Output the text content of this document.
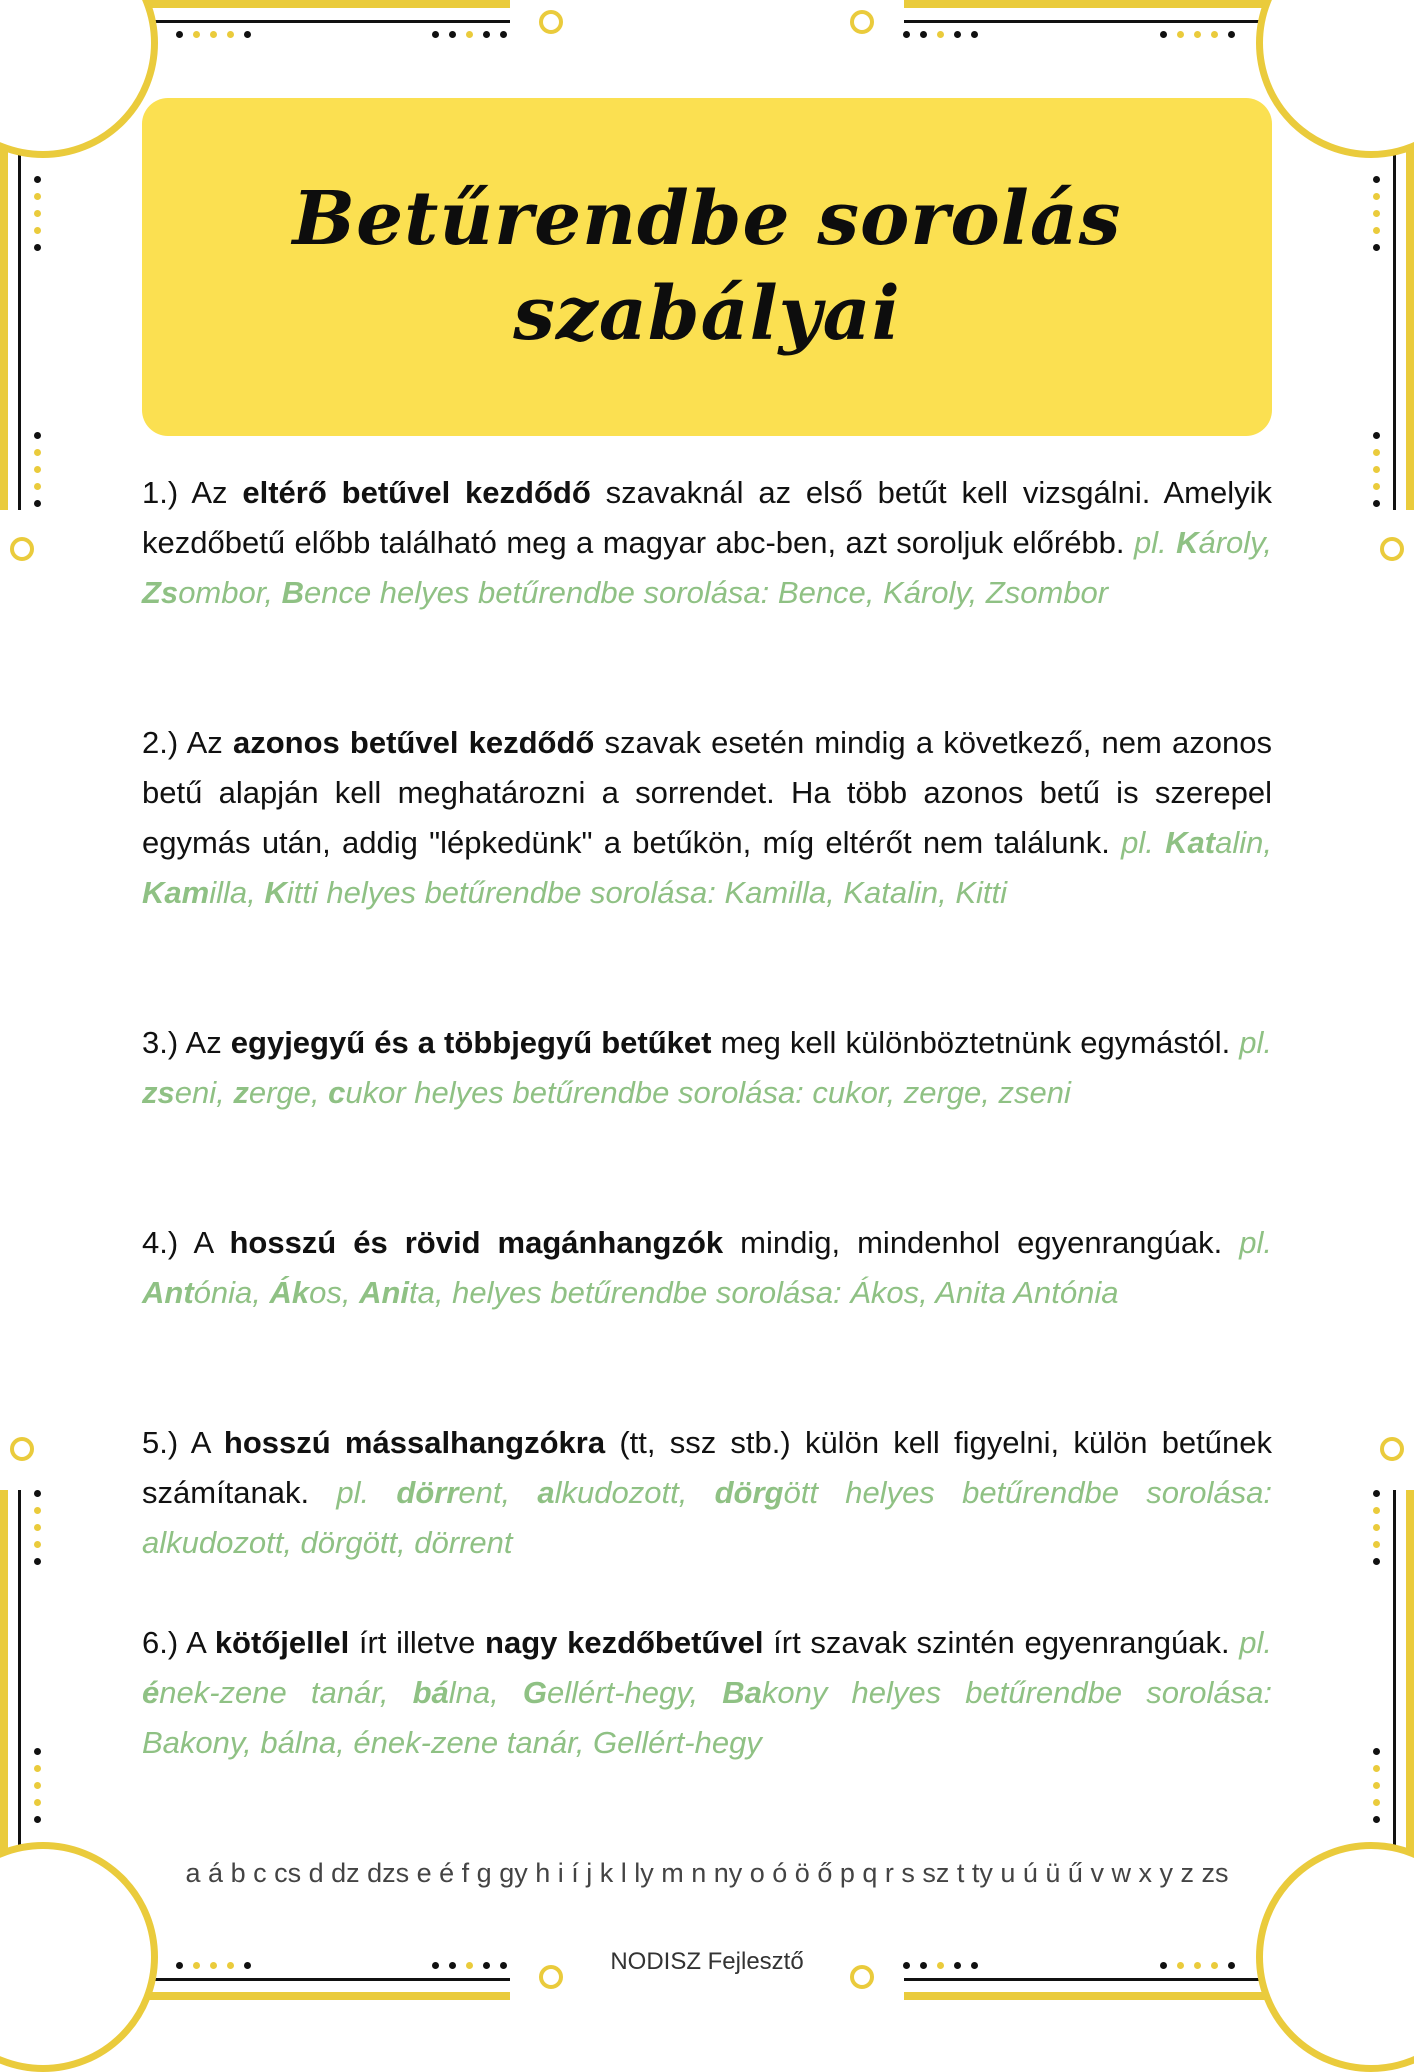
Betűrendbe sorolás
szabályai
1.) Az eltérő betűvel kezdődő szavaknál az első betűt kell vizsgálni. Amelyik kezdőbetű előbb található meg a magyar abc-ben, azt soroljuk előrébb. pl. Károly, Zsombor, Bence helyes betűrendbe sorolása: Bence, Károly, Zsombor
2.) Az azonos betűvel kezdődő szavak esetén mindig a következő, nem azonos betű alapján kell meghatározni a sorrendet. Ha több azonos betű is szerepel egymás után, addig "lépkedünk" a betűkön, míg eltérőt nem találunk. pl. Katalin, Kamilla, Kitti helyes betűrendbe sorolása: Kamilla, Katalin, Kitti
3.) Az egyjegyű és a többjegyű betűket meg kell különböztetnünk egymástól. pl. zseni, zerge, cukor helyes betűrendbe sorolása: cukor, zerge, zseni
4.) A hosszú és rövid magánhangzók mindig, mindenhol egyenrangúak. pl. Antónia, Ákos, Anita, helyes betűrendbe sorolása: Ákos, Anita Antónia
5.) A hosszú mássalhangzókra (tt, ssz stb.) külön kell figyelni, külön betűnek számítanak. pl. dörrent, alkudozott, dörgött helyes betűrendbe sorolása: alkudozott, dörgött, dörrent
6.) A kötőjellel írt illetve nagy kezdőbetűvel írt szavak szintén egyenrangúak. pl. ének-zene tanár, bálna, Gellért-hegy, Bakony helyes betűrendbe sorolása: Bakony, bálna, ének-zene tanár, Gellért-hegy
a á b c cs d dz dzs e é f g gy h i í j k l ly m n ny o ó ö ő p q r s sz t ty u ú ü ű v w x y z zs
NODISZ Fejlesztő
